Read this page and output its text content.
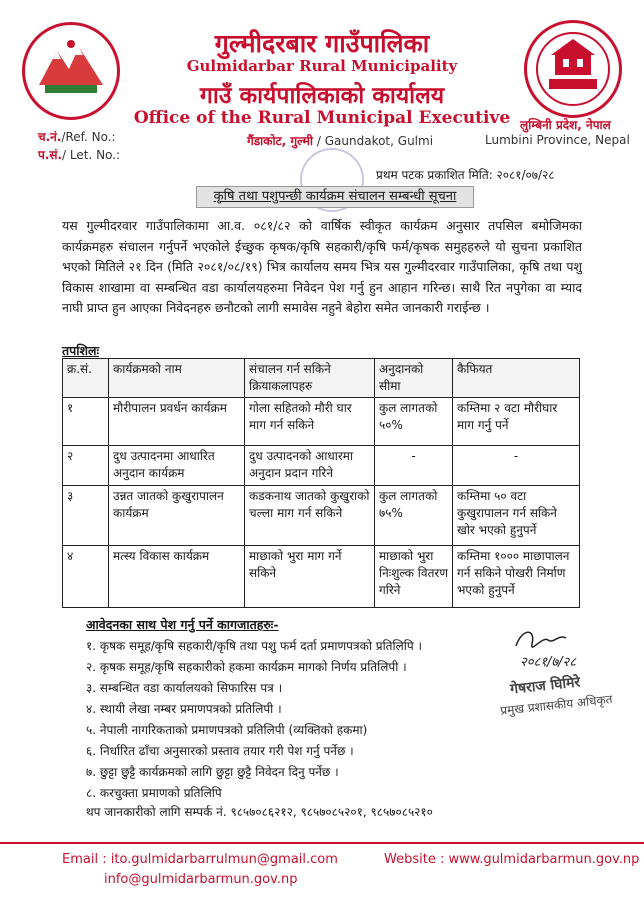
गुल्मीदरबार गाउँपालिका
Gulmidarbar Rural Municipality
गाउँ कार्यपालिकाको कार्यालय
Office of the Rural Municipal Executive
गैंडाकोट, गुल्मी / Gaundakot, Gulmi
लुम्बिनी प्रदेश, नेपाल
Lumbini Province, Nepal
च.नं./Ref. No.:
प.सं./ Let. No.:
प्रथम पटक प्रकाशित मिति: २०८१/०७/२८
कृषि तथा पशुपन्छी कार्यक्रम संचालन सम्बन्धी सूचना
यस गुल्मीदरवार गाउँपालिकामा आ.व. ०८१/८२ को वार्षिक स्वीकृत कार्यक्रम अनुसार तपसिल बमोजिमका कार्यक्रमहरु संचालन गर्नुपर्ने भएकोले ईच्छुक कृषक/कृषि सहकारी/कृषि फर्म/कृषक समुहहरुले यो सुचना प्रकाशित भएको मितिले २१ दिन (मिति २०८१/०८/१९) भित्र कार्यालय समय भित्र यस गुल्मीदरवार गाउँपालिका, कृषि तथा पशु विकास शाखामा वा सम्बन्धित वडा कार्यालयहरुमा निवेदन पेश गर्नु हुन आहान गरिन्छ। साथै रित नपुगेका वा म्याद नाघी प्राप्त हुन आएका निवेदनहरु छनौटको लागी समावेस नहुने बेहोरा समेत जानकारी गराईन्छ ।
तपशिलः
क्र.सं.	कार्यक्रमको नाम	संचालन गर्न सकिने क्रियाकलापहरु	अनुदानको सीमा	कैफियत
१	मौरीपालन प्रवर्धन कार्यक्रम	गोला सहितको मौरी घार माग गर्न सकिने	कुल लागतको ५०%	कम्तिमा २ वटा मौरीघार माग गर्नु पर्ने
२	दुध उत्पादनमा आधारित अनुदान कार्यक्रम	दुध उत्पादनको आधारमा अनुदान प्रदान गरिने	-	-
३	उन्नत जातको कुखुरापालन कार्यक्रम	कडकनाथ जातको कुखुराको चल्ला माग गर्न सकिने	कुल लागतको ७५%	कम्तिमा ५० वटा कुखुरापालन गर्न सकिने खोर भएको हुनुपर्ने
४	मत्स्य विकास कार्यक्रम	माछाको भुरा माग गर्ने सकिने	माछाको भुरा निःशुल्क वितरण गरिने	कम्तिमा १००० माछापालन गर्न सकिने पोखरी निर्माण भएको हुनुपर्ने
आवेदनका साथ पेश गर्नु पर्ने कागजातहरुः-
१. कृषक समूह/कृषि सहकारी/कृषि तथा पशु फर्म दर्ता प्रमाणपत्रको प्रतिलिपि ।
२. कृषक समूह/कृषि सहकारीको हकमा कार्यक्रम मागको निर्णय प्रतिलिपी ।
३. सम्बन्धित वडा कार्यालयको सिफारिस पत्र ।
४. स्थायी लेखा नम्बर प्रमाणपत्रको प्रतिलिपी ।
५. नेपाली नागरिकताको प्रमाणपत्रको प्रतिलिपी (व्यक्तिको हकमा)
६. निर्धारित ढाँचा अनुसारको प्रस्ताव तयार गरी पेश गर्नु पर्नेछ ।
७. छुट्टा छुट्टै कार्यक्रमको लागि छुट्टा छुट्टै निवेदन दिनु पर्नेछ ।
८. करचुक्ता प्रमाणको प्रतिलिपि
२०८१/७/२८
गेषराज घिमिरे
प्रमुख प्रशासकीय अधिकृत
थप जानकारीको लागि सम्पर्क नं. ९८५७०८६२१२, ९८५७०८५२०१, ९८५७०८५२१०
Email : ito.gulmidarbarrulmun@gmail.com
info@gulmidarbarmun.gov.np
Website : www.gulmidarbarmun.gov.np
